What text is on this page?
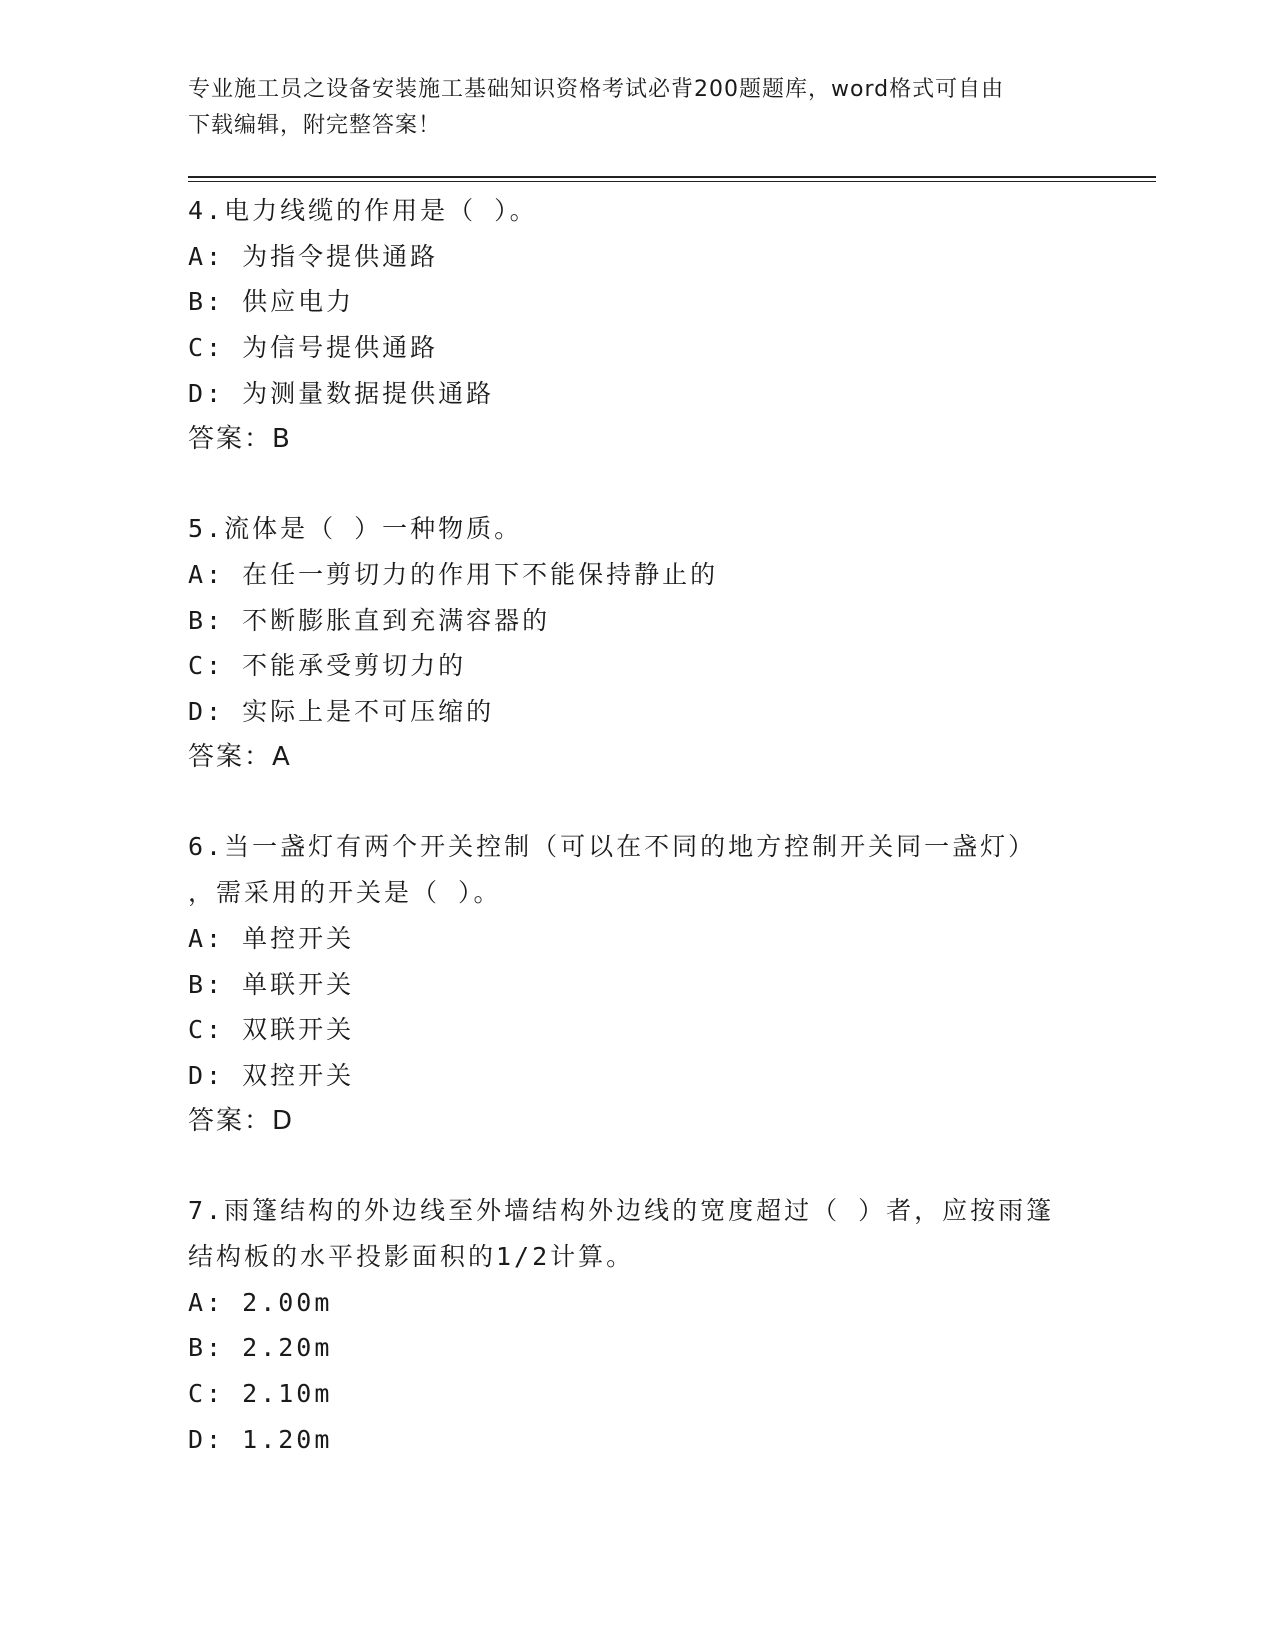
专业施工员之设备安装施工基础知识资格考试必背200题题库，word格式可自由
下载编辑，附完整答案！
4.电力线缆的作用是（ ）。
A: 为指令提供通路
B: 供应电力
C: 为信号提供通路
D: 为测量数据提供通路
答案：B
5.流体是（ ）一种物质。
A: 在任一剪切力的作用下不能保持静止的
B: 不断膨胀直到充满容器的
C: 不能承受剪切力的
D: 实际上是不可压缩的
答案：A
6.当一盏灯有两个开关控制（可以在不同的地方控制开关同一盏灯）
，需采用的开关是（ ）。
A: 单控开关
B: 单联开关
C: 双联开关
D: 双控开关
答案：D
7.雨篷结构的外边线至外墙结构外边线的宽度超过（ ）者，应按雨篷
结构板的水平投影面积的1/2计算。
A: 2.00m
B: 2.20m
C: 2.10m
D: 1.20m
